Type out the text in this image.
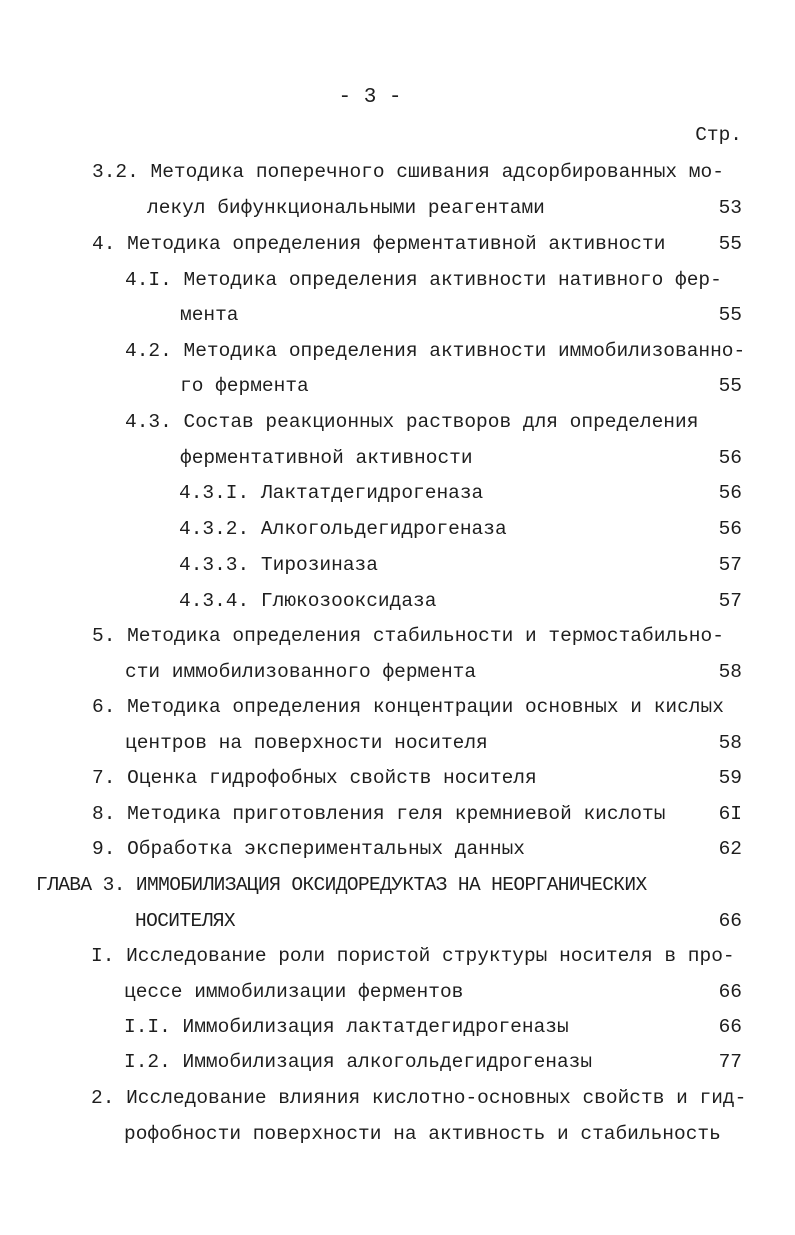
- 3 -
Стр.
3.2. Методика поперечного сшивания адсорбированных мо-
лекул бифункциональными реагентами	53
4. Методика определения ферментативной активности	55
4.I. Методика определения активности нативного фер-
мента	55
4.2. Методика определения активности иммобилизованно-
го фермента	55
4.3. Состав реакционных растворов для определения
ферментативной активности	56
4.3.I. Лактатдегидрогеназа	56
4.3.2. Алкогольдегидрогеназа	56
4.3.3. Тирозиназа	57
4.3.4. Глюкозооксидаза	57
5. Методика определения стабильности и термостабильно-
сти иммобилизованного фермента	58
6. Методика определения концентрации основных и кислых
центров на поверхности носителя	58
7. Оценка гидрофобных свойств носителя	59
8. Методика приготовления геля кремниевой кислоты	6I
9. Обработка экспериментальных данных	62
ГЛАВА 3. ИММОБИЛИЗАЦИЯ ОКСИДОРЕДУКТАЗ НА НЕОРГАНИЧЕСКИХ
НОСИТЕЛЯХ	66
I. Исследование роли пористой структуры носителя в про-
цессе иммобилизации ферментов	66
I.I. Иммобилизация лактатдегидрогеназы	66
I.2. Иммобилизация алкогольдегидрогеназы	77
2. Исследование влияния кислотно-основных свойств и гид-
рофобности поверхности на активность и стабильность
